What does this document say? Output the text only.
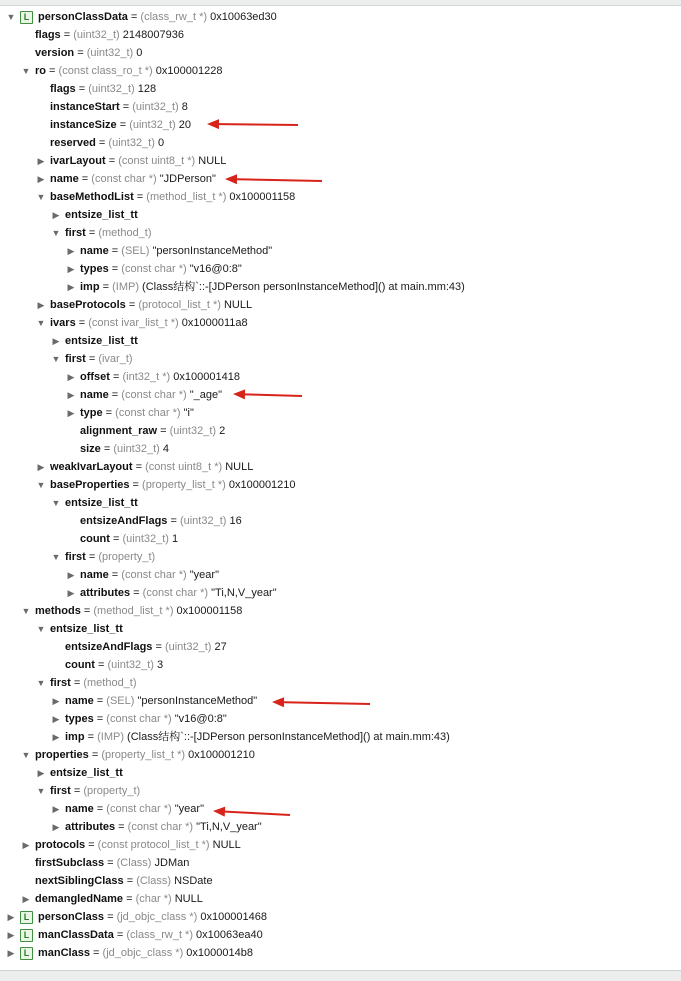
▼ L personClassData = (class_rw_t *) 0x10063ed30
flags = (uint32_t) 2148007936
version = (uint32_t) 0
▼ ro = (const class_ro_t *) 0x100001228
flags = (uint32_t) 128
instanceStart = (uint32_t) 8
instanceSize = (uint32_t) 20
reserved = (uint32_t) 0
▶ ivarLayout = (const uint8_t *) NULL
▶ name = (const char *) "JDPerson"
▼ baseMethodList = (method_list_t *) 0x100001158
▶ entsize_list_tt
▼ first = (method_t)
▶ name = (SEL) "personInstanceMethod"
▶ types = (const char *) "v16@0:8"
▶ imp = (IMP) (Class结构`::-[JDPerson personInstanceMethod]() at main.mm:43)
▶ baseProtocols = (protocol_list_t *) NULL
▼ ivars = (const ivar_list_t *) 0x1000011a8
▶ entsize_list_tt
▼ first = (ivar_t)
▶ offset = (int32_t *) 0x100001418
▶ name = (const char *) "_age"
▶ type = (const char *) "i"
alignment_raw = (uint32_t) 2
size = (uint32_t) 4
▶ weakIvarLayout = (const uint8_t *) NULL
▼ baseProperties = (property_list_t *) 0x100001210
▼ entsize_list_tt
entsizeAndFlags = (uint32_t) 16
count = (uint32_t) 1
▼ first = (property_t)
▶ name = (const char *) "year"
▶ attributes = (const char *) "Ti,N,V_year"
▼ methods = (method_list_t *) 0x100001158
▼ entsize_list_tt
entsizeAndFlags = (uint32_t) 27
count = (uint32_t) 3
▼ first = (method_t)
▶ name = (SEL) "personInstanceMethod"
▶ types = (const char *) "v16@0:8"
▶ imp = (IMP) (Class结构`::-[JDPerson personInstanceMethod]() at main.mm:43)
▼ properties = (property_list_t *) 0x100001210
▶ entsize_list_tt
▼ first = (property_t)
▶ name = (const char *) "year"
▶ attributes = (const char *) "Ti,N,V_year"
▶ protocols = (const protocol_list_t *) NULL
firstSubclass = (Class) JDMan
nextSiblingClass = (Class) NSDate
▶ demangledName = (char *) NULL
▶	L personClass = (jd_objc_class *) 0x100001468
▶	L manClassData = (class_rw_t *) 0x10063ea40
▶	L manClass = (jd_objc_class *) 0x1000014b8
